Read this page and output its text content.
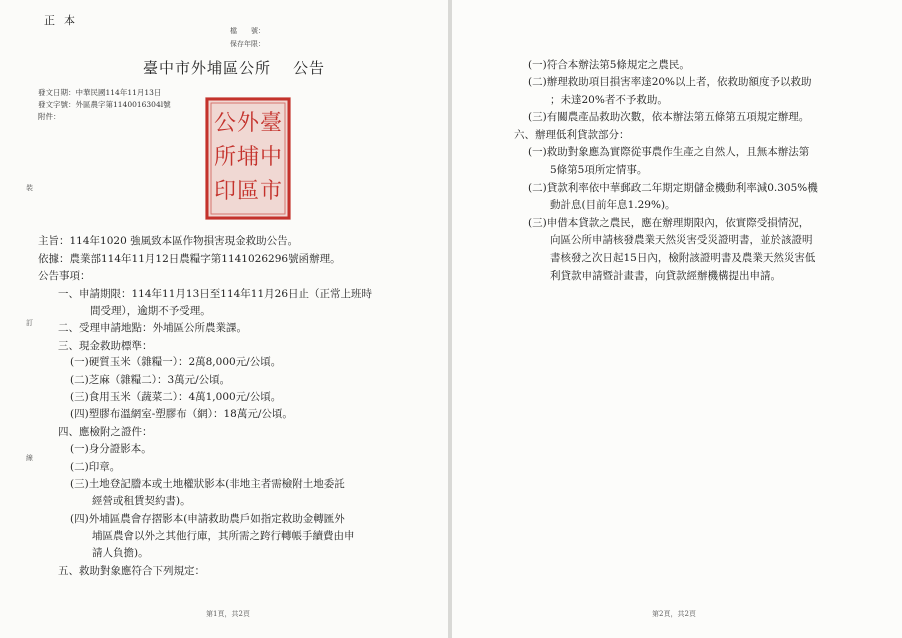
正本
檔　　號：
保存年限：
臺中市外埔區公所 公告
發文日期：中華民國114年11月13日
發文字號：外區農字第1140016304l號
附件：
裝
訂
線
臺
中
市
外
埔
區
公
所
印
主旨：114年1020 強風致本區作物損害現金救助公告。
依據：農業部114年11月12日農糧字第1141026296號函辦理。
公告事項：
一、申請期限：114年11月13日至114年11月26日止（正常上班時
間受理），逾期不予受理。
二、受理申請地點：外埔區公所農業課。
三、現金救助標準：
(一)硬質玉米（雜糧一）：2萬8,000元/公頃。
(二)芝麻（雜糧二）：3萬元/公頃。
(三)食用玉米（蔬菜二）：4萬1,000元/公頃。
(四)塑膠布溫網室-塑膠布（網）：18萬元/公頃。
四、應檢附之證件：
(一)身分證影本。
(二)印章。
(三)土地登記謄本或土地權狀影本(非地主者需檢附土地委託
經營或租賃契約書)。
(四)外埔區農會存摺影本(申請救助農戶如指定救助金轉匯外
埔區農會以外之其他行庫，其所需之跨行轉帳手續費由申
請人負擔)。
五、救助對象應符合下列規定：
第1頁，共2頁
(一)符合本辦法第5條規定之農民。
(二)辦理救助項目損害率達20%以上者，依救助額度予以救助
；未達20%者不予救助。
(三)有關農產品救助次數，依本辦法第五條第五項規定辦理。
六、辦理低利貸款部分：
(一)救助對象應為實際從事農作生產之自然人，且無本辦法第
5條第5項所定情事。
(二)貸款利率依中華郵政二年期定期儲金機動利率減0.305%機
動計息(目前年息1.29%)。
(三)申借本貸款之農民，應在辦理期限內，依實際受損情況，
向區公所申請核發農業天然災害受災證明書，並於該證明
書核發之次日起15日內，檢附該證明書及農業天然災害低
利貸款申請暨計畫書，向貸款經辦機構提出申請。
第2頁，共2頁
